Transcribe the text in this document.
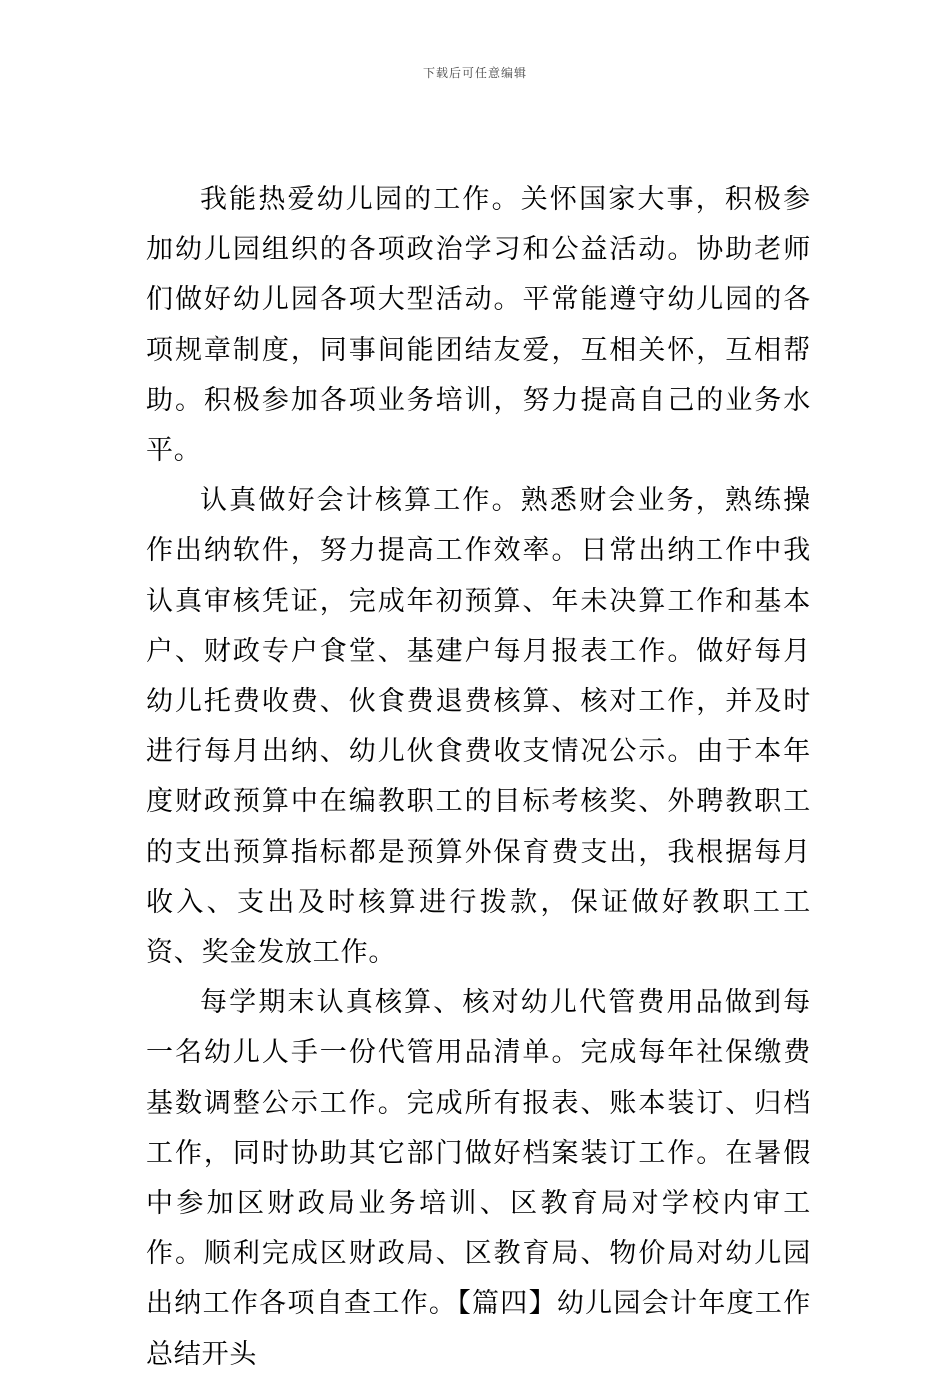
下载后可任意编辑

我能热爱幼儿园的工作。关怀国家大事，积极参加幼儿园组织的各项政治学习和公益活动。协助老师们做好幼儿园各项大型活动。平常能遵守幼儿园的各项规章制度，同事间能团结友爱，互相关怀，互相帮助。积极参加各项业务培训，努力提高自己的业务水平。

认真做好会计核算工作。熟悉财会业务，熟练操作出纳软件，努力提高工作效率。日常出纳工作中我认真审核凭证，完成年初预算、年未决算工作和基本户、财政专户食堂、基建户每月报表工作。做好每月幼儿托费收费、伙食费退费核算、核对工作，并及时进行每月出纳、幼儿伙食费收支情况公示。由于本年度财政预算中在编教职工的目标考核奖、外聘教职工的支出预算指标都是预算外保育费支出，我根据每月收入、支出及时核算进行拨款，保证做好教职工工资、奖金发放工作。

每学期末认真核算、核对幼儿代管费用品做到每一名幼儿人手一份代管用品清单。完成每年社保缴费基数调整公示工作。完成所有报表、账本装订、归档工作，同时协助其它部门做好档案装订工作。在暑假中参加区财政局业务培训、区教育局对学校内审工作。顺利完成区财政局、区教育局、物价局对幼儿园出纳工作各项自查工作。【篇四】幼儿园会计年度工作总结开头
